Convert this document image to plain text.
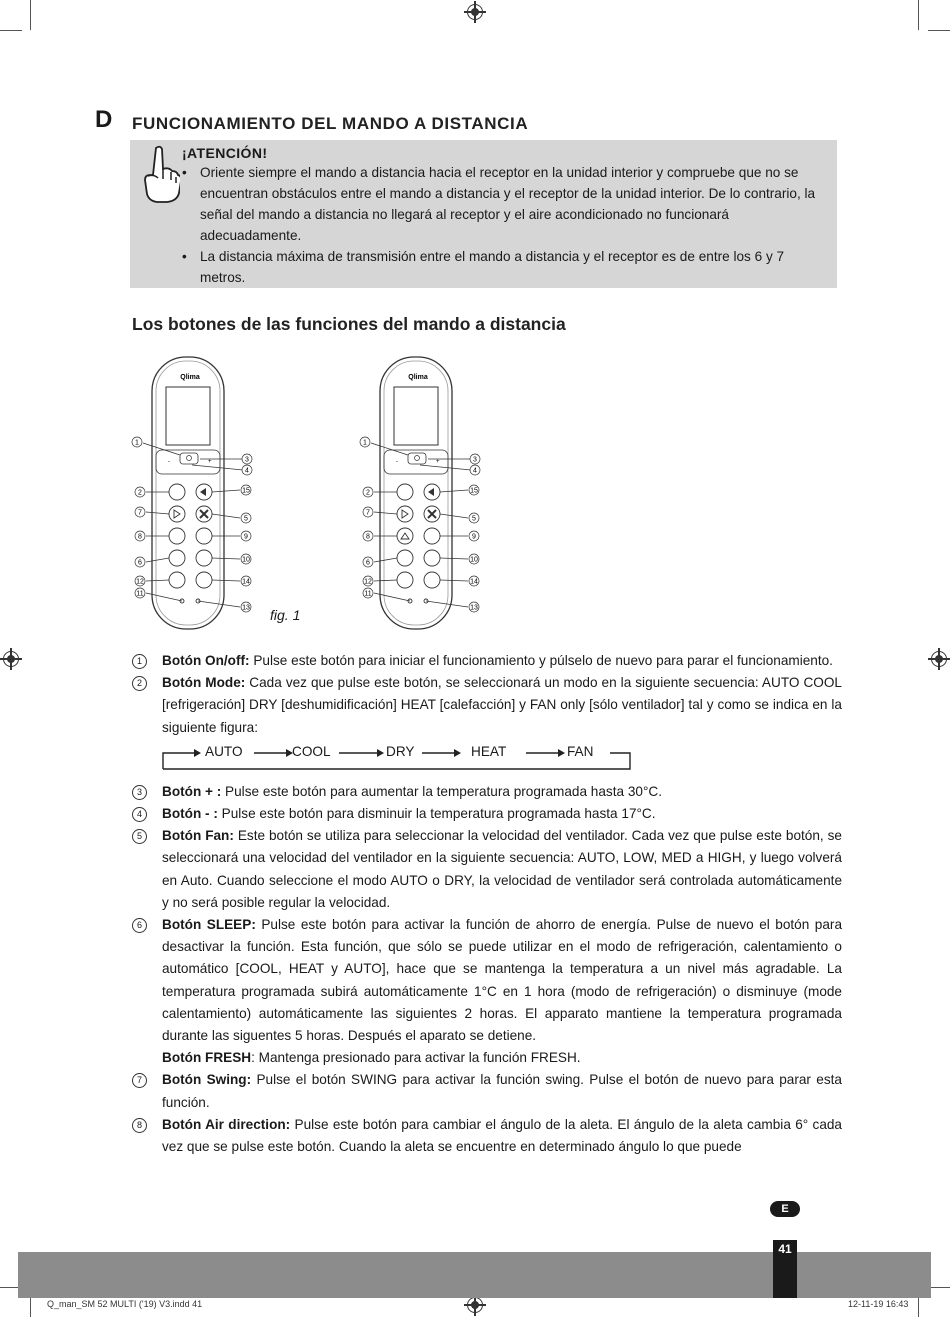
D FUNCIONAMIENTO DEL MANDO A DISTANCIA
¡ATENCIÓN!
• Oriente siempre el mando a distancia hacia el receptor en la unidad interior y compruebe que no se encuentran obstáculos entre el mando a distancia y el receptor de la unidad interior. De lo contrario, la señal del mando a distancia no llegará al receptor y el aire acondicionado no funcionará adecuadamente.
• La distancia máxima de transmisión entre el mando a distancia y el receptor es de entre los 6 y 7 metros.
Los botones de las funciones del mando a distancia
Qlima
-	+
1
3
4
2	15
7
5
8	9
6	10
12	14
11
13
Qlima
-	+
1
3
4
2	15
7
5
8	9
6	10
12	14
11
13
fig. 1
1	Botón On/off: Pulse este botón para iniciar el funcionamiento y púlselo de nuevo para parar el funcionamiento.
2	Botón Mode: Cada vez que pulse este botón, se seleccionará un modo en la siguiente secuencia: AUTO COOL [refrigeración] DRY [deshumidificación] HEAT [calefacción] y FAN only [sólo ventilador] tal y como se indica en la siguiente figura:
AUTO	COOL	DRY	HEAT	FAN
3	Botón + : Pulse este botón para aumentar la temperatura programada hasta 30°C.
4	Botón - : Pulse este botón para disminuir la temperatura programada hasta 17°C.
5	Botón Fan: Este botón se utiliza para seleccionar la velocidad del ventilador. Cada vez que pulse este botón, se seleccionará una velocidad del ventilador en la siguiente secuencia: AUTO, LOW, MED a HIGH, y luego volverá en Auto. Cuando seleccione el modo AUTO o DRY, la velocidad de ventilador será controlada automáticamente y no será posible regular la velocidad.
6	Botón SLEEP: Pulse este botón para activar la función de ahorro de energía. Pulse de nuevo el botón para desactivar la función. Esta función, que sólo se puede utilizar en el modo de refrigeración, calentamiento o automático [COOL, HEAT y AUTO], hace que se mantenga la temperatura a un nivel más agradable. La temperatura programada subirá automáticamente 1°C en 1 hora (modo de refrigeración) o disminuye (mode calentamiento) automáticamente las siguientes 2 horas. El apparato mantiene la temperatura programada durante las siguentes 5 horas. Después el aparato se detiene.
Botón FRESH: Mantenga presionado para activar la función FRESH.
7	Botón Swing: Pulse el botón SWING para activar la función swing. Pulse el botón de nuevo para parar esta función.
8	Botón Air direction: Pulse este botón para cambiar el ángulo de la aleta. El ángulo de la aleta cambia 6° cada vez que se pulse este botón. Cuando la aleta se encuentre en determinado ángulo lo que puede
E
41
Q_man_SM 52 MULTI ('19) V3.indd 41	12-11-19 16:43
